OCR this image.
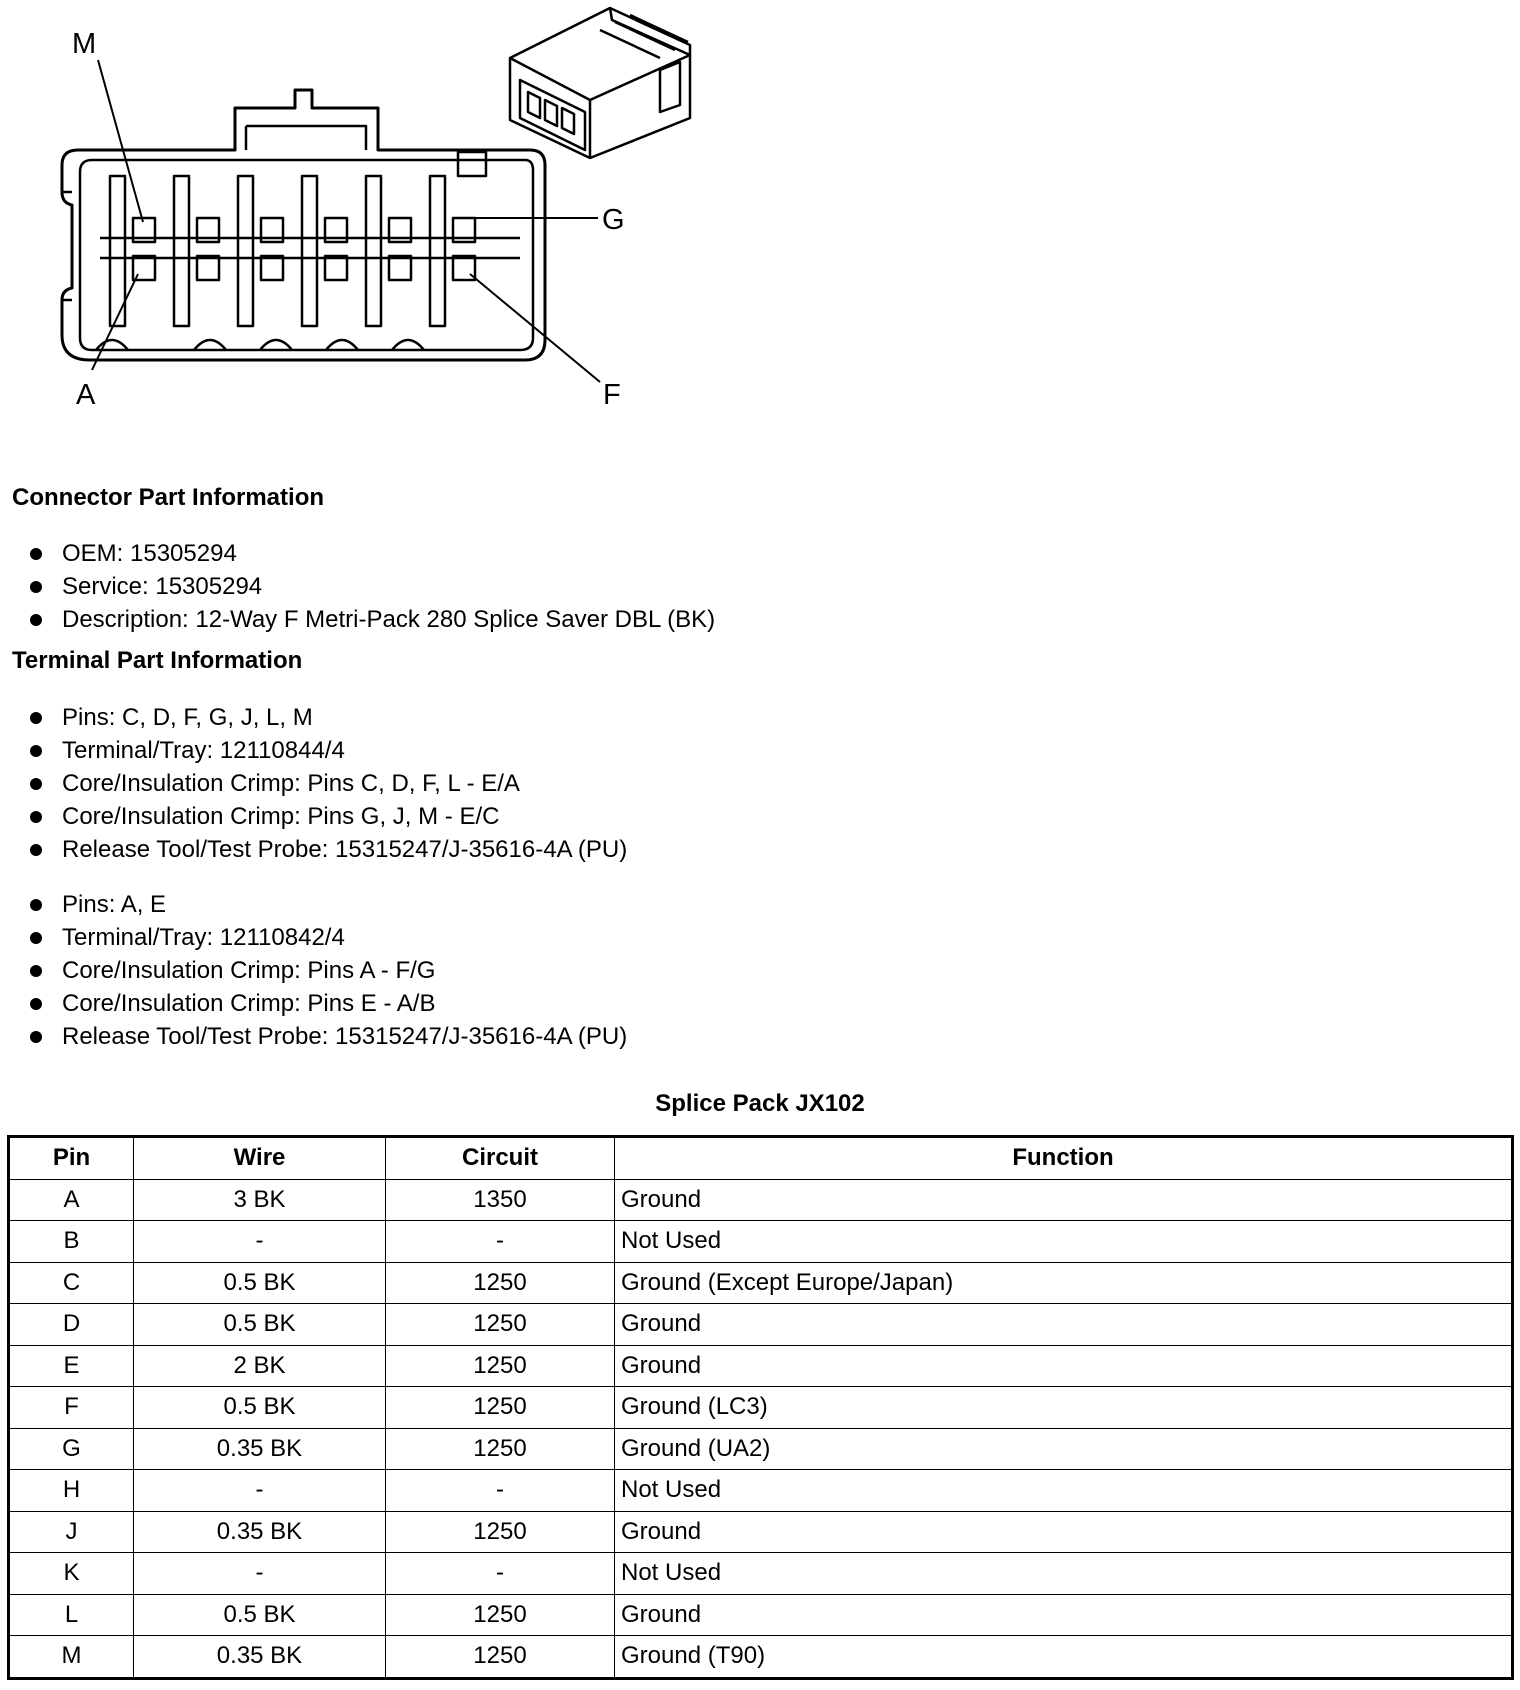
M
G
A	F
Connector Part Information
OEM: 15305294
Service: 15305294
Description: 12-Way F Metri-Pack 280 Splice Saver DBL (BK)
Terminal Part Information
Pins: C, D, F, G, J, L, M
Terminal/Tray: 12110844/4
Core/Insulation Crimp: Pins C, D, F, L - E/A
Core/Insulation Crimp: Pins G, J, M - E/C
Release Tool/Test Probe: 15315247/J-35616-4A (PU)
Pins: A, E
Terminal/Tray: 12110842/4
Core/Insulation Crimp: Pins A - F/G
Core/Insulation Crimp: Pins E - A/B
Release Tool/Test Probe: 15315247/J-35616-4A (PU)
Splice Pack JX102
Pin	Wire	Circuit	Function
A	3 BK	1350	Ground
B	-	-	Not Used
C	0.5 BK	1250	Ground (Except Europe/Japan)
D	0.5 BK	1250	Ground
E	2 BK	1250	Ground
F	0.5 BK	1250	Ground (LC3)
G	0.35 BK	1250	Ground (UA2)
H	-	-	Not Used
J	0.35 BK	1250	Ground
K	-	-	Not Used
L	0.5 BK	1250	Ground
M	0.35 BK	1250	Ground (T90)
